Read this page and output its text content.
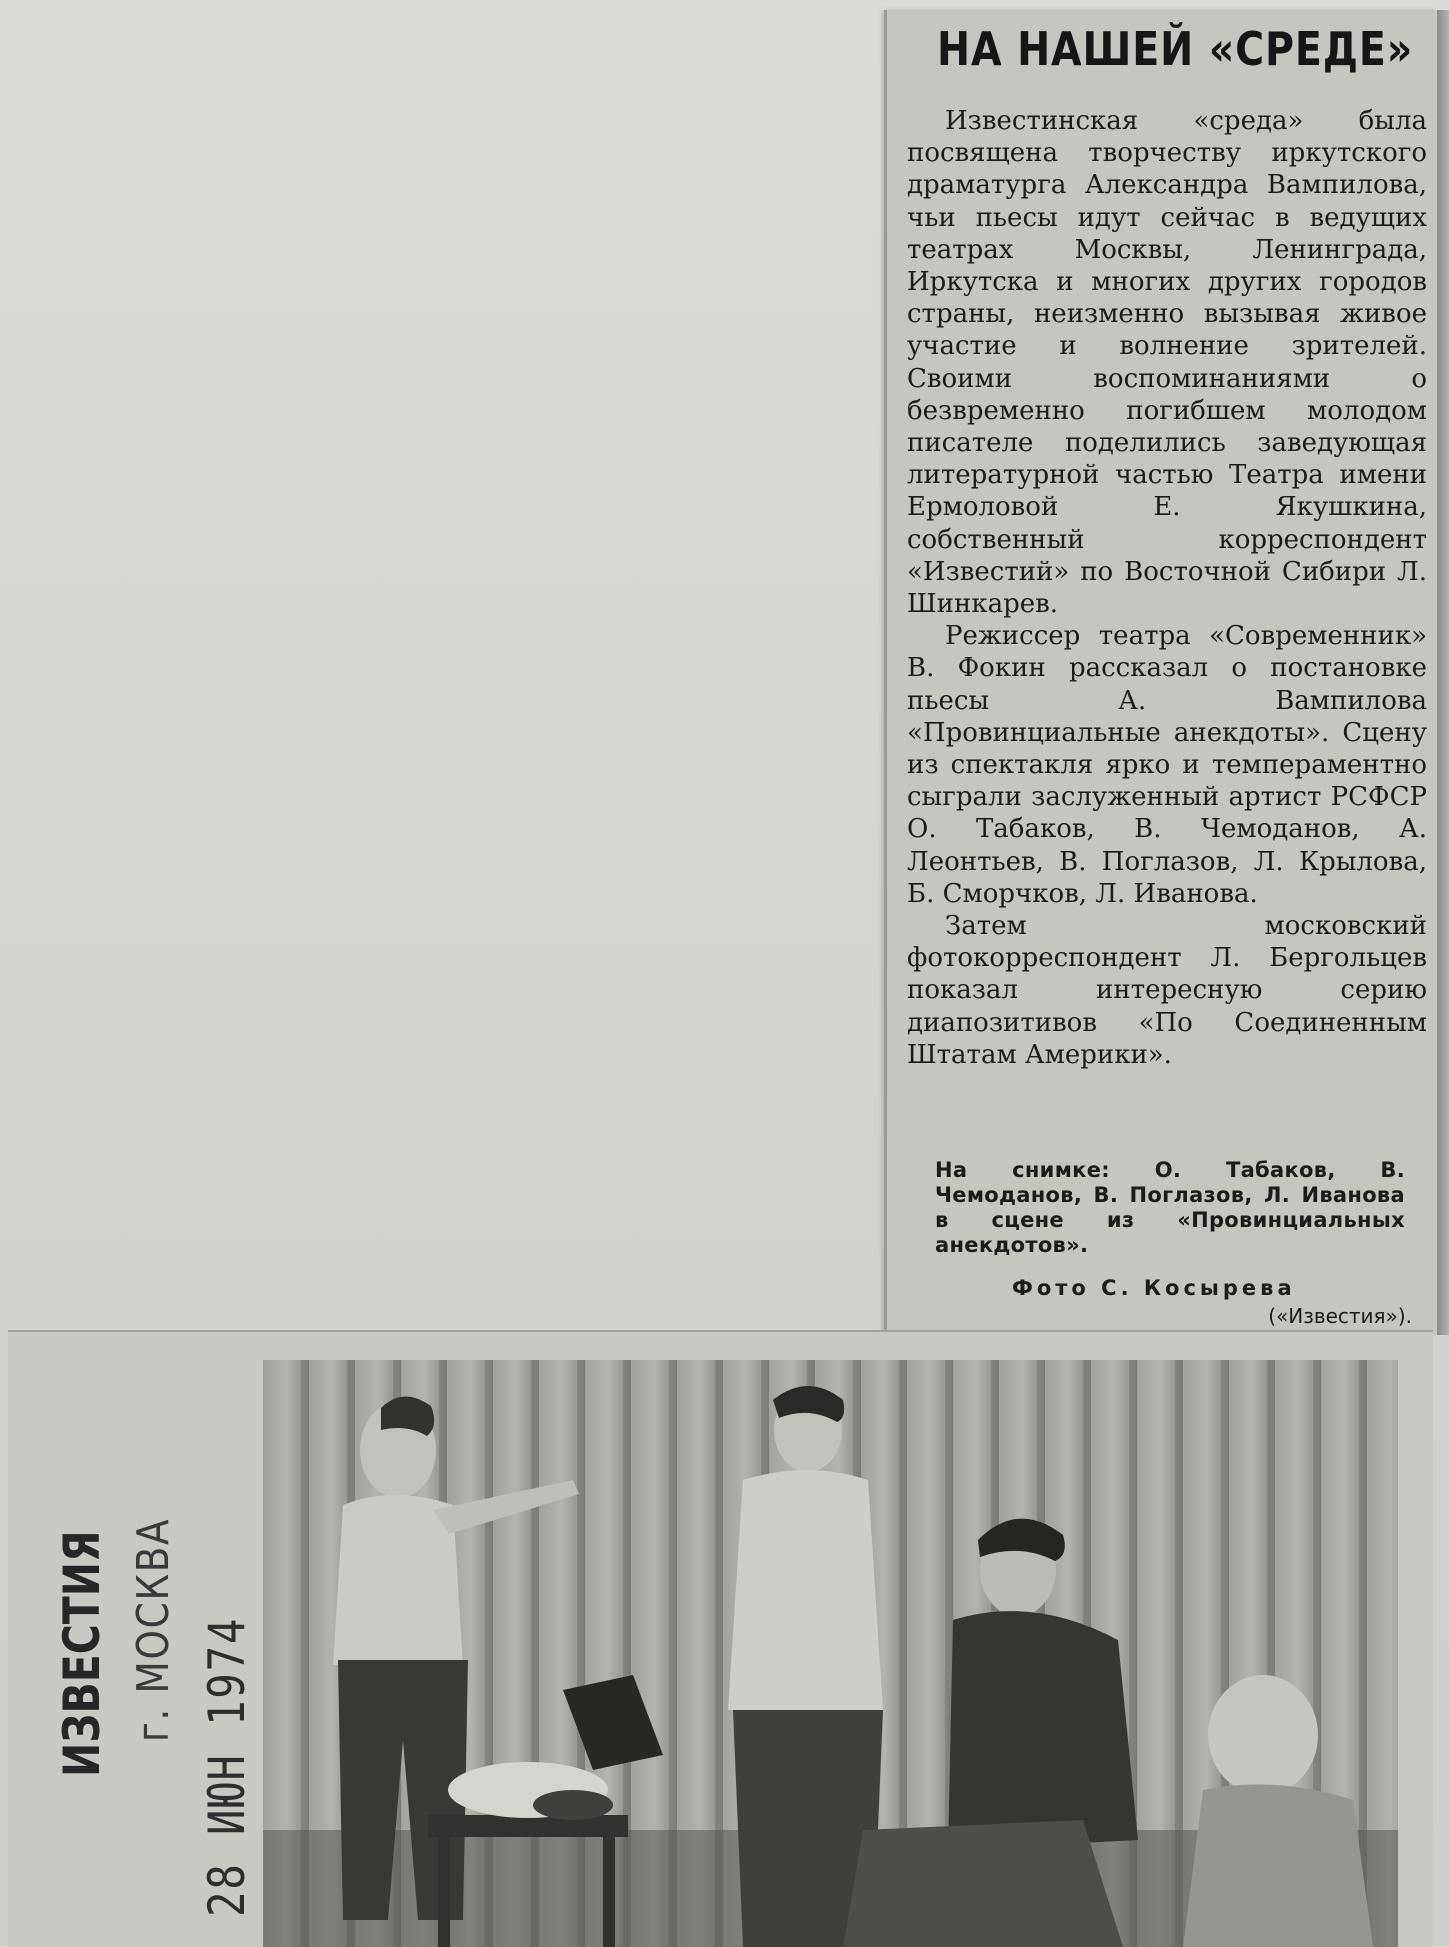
НА НАШЕЙ «СРЕДЕ»

Известинская «среда» была посвящена творчеству иркутского драматурга Александра Вампилова, чьи пьесы идут сейчас в ведущих театрах Москвы, Ленинграда, Иркутска и многих других городов страны, неизменно вызывая живое участие и волнение зрителей. Своими воспоминаниями о безвременно погибшем молодом писателе поделились заведующая литературной частью Театра имени Ермоловой Е. Якушкина, собственный корреспондент «Известий» по Восточной Сибири Л. Шинкарев.

Режиссер театра «Современник» В. Фокин рассказал о постановке пьесы А. Вампилова «Провинциальные анекдоты». Сцену из спектакля ярко и темпераментно сыграли заслуженный артист РСФСР О. Табаков, В. Чемоданов, А. Леонтьев, В. Поглазов, Л. Крылова, Б. Сморчков, Л. Иванова.

Затем московский фотокорреспондент Л. Бергольцев показал интересную серию диапозитивов «По Соединенным Штатам Америки».

На снимке: О. Табаков, В. Чемоданов, В. Поглазов, Л. Иванова в сцене из «Провинциальных анекдотов».
Фото С. Косырева
(«Известия»).
ИЗВЕСТИЯ г. МОСКВА 28 ИЮН 1974
